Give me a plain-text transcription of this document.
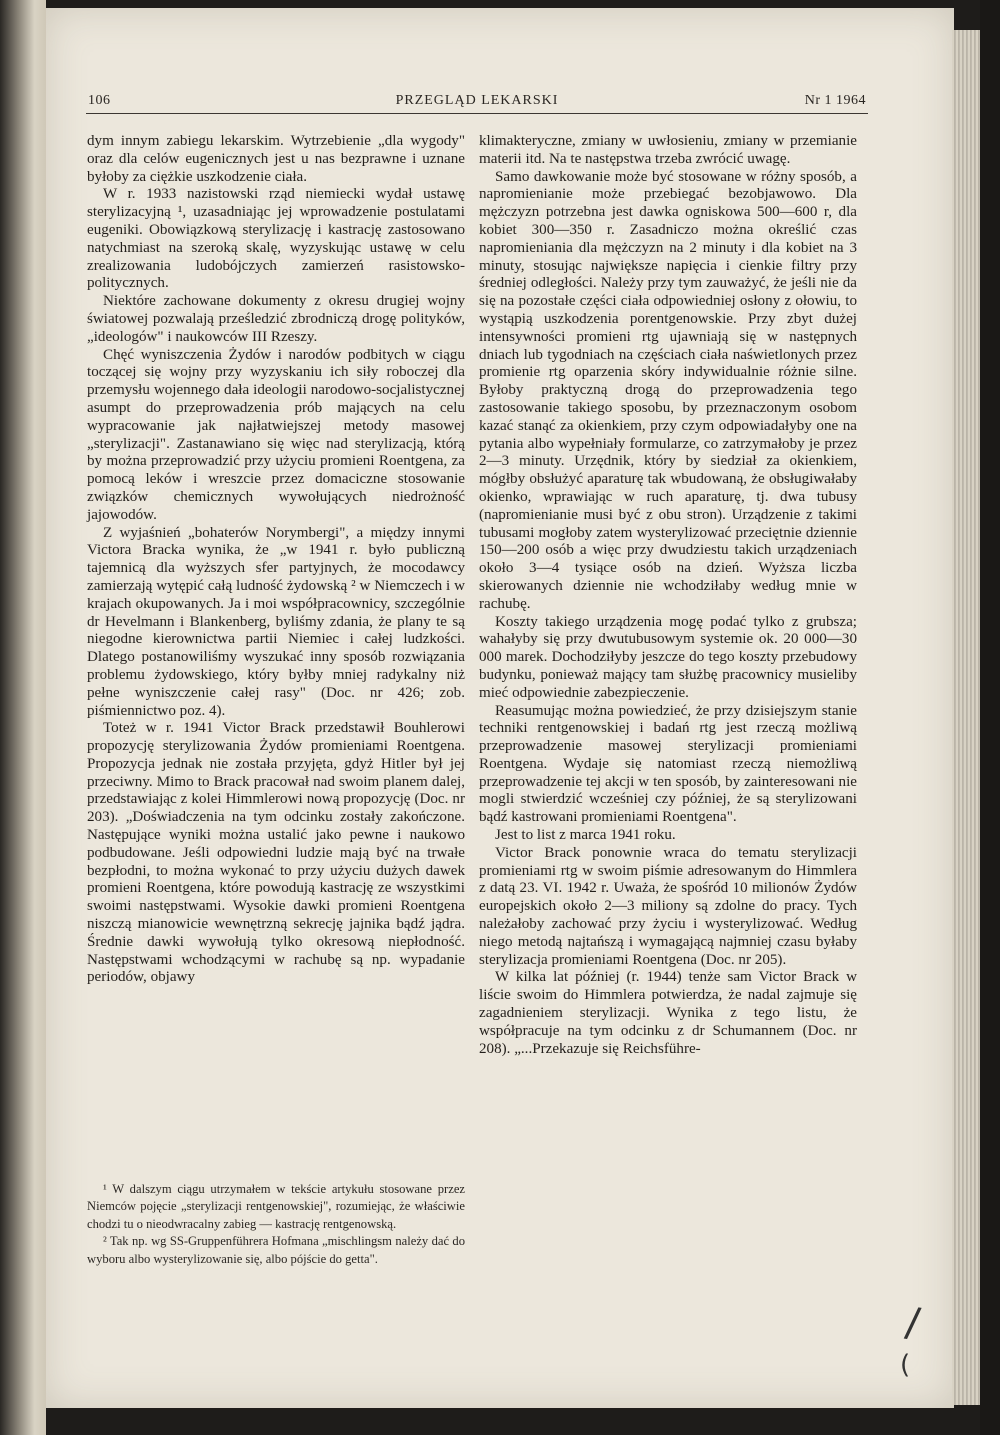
106	PRZEGLĄD LEKARSKI	Nr 1 1964

dym innym zabiegu lekarskim. Wytrzebienie „dla wygody" oraz dla celów eugenicznych jest u nas bezprawne i uznane byłoby za ciężkie uszkodzenie ciała.

W r. 1933 nazistowski rząd niemiecki wydał ustawę sterylizacyjną ¹, uzasadniając jej wprowadzenie postulatami eugeniki. Obowiązkową sterylizację i kastrację zastosowano natychmiast na szeroką skalę, wyzyskując ustawę w celu zrealizowania ludobójczych zamierzeń rasistowsko-politycznych.

Niektóre zachowane dokumenty z okresu drugiej wojny światowej pozwalają prześledzić zbrodniczą drogę polityków, „ideologów" i naukowców III Rzeszy.

Chęć wyniszczenia Żydów i narodów podbitych w ciągu toczącej się wojny przy wyzyskaniu ich siły roboczej dla przemysłu wojennego dała ideologii narodowo-socjalistycznej asumpt do przeprowadzenia prób mających na celu wypracowanie jak najłatwiejszej metody masowej „sterylizacji". Zastanawiano się więc nad sterylizacją, którą by można przeprowadzić przy użyciu promieni Roentgena, za pomocą leków i wreszcie przez domaciczne stosowanie związków chemicznych wywołujących niedrożność jajowodów.

Z wyjaśnień „bohaterów Norymbergi", a między innymi Victora Bracka wynika, że „w 1941 r. było publiczną tajemnicą dla wyższych sfer partyjnych, że mocodawcy zamierzają wytępić całą ludność żydowską ² w Niemczech i w krajach okupowanych. Ja i moi współpracownicy, szczególnie dr Hevelmann i Blankenberg, byliśmy zdania, że plany te są niegodne kierownictwa partii Niemiec i całej ludzkości. Dlatego postanowiliśmy wyszukać inny sposób rozwiązania problemu żydowskiego, który byłby mniej radykalny niż pełne wyniszczenie całej rasy" (Doc. nr 426; zob. piśmiennictwo poz. 4).

Toteż w r. 1941 Victor Brack przedstawił Bouhlerowi propozycję sterylizowania Żydów promieniami Roentgena. Propozycja jednak nie została przyjęta, gdyż Hitler był jej przeciwny. Mimo to Brack pracował nad swoim planem dalej, przedstawiając z kolei Himmlerowi nową propozycję (Doc. nr 203). „Doświadczenia na tym odcinku zostały zakończone. Następujące wyniki można ustalić jako pewne i naukowo podbudowane. Jeśli odpowiedni ludzie mają być na trwałe bezpłodni, to można wykonać to przy użyciu dużych dawek promieni Roentgena, które powodują kastrację ze wszystkimi swoimi następstwami. Wysokie dawki promieni Roentgena niszczą mianowicie wewnętrzną sekrecję jajnika bądź jądra. Średnie dawki wywołują tylko okresową niepłodność. Następstwami wchodzącymi w rachubę są np. wypadanie periodów, objawy

¹ W dalszym ciągu utrzymałem w tekście artykułu stosowane przez Niemców pojęcie „sterylizacji rentgenowskiej", rozumiejąc, że właściwie chodzi tu o nieodwracalny zabieg — kastrację rentgenowską.

² Tak np. wg SS-Gruppenführera Hofmana „mischlingsm należy dać do wyboru albo wysterylizowanie się, albo pójście do getta".

klimakteryczne, zmiany w uwłosieniu, zmiany w przemianie materii itd. Na te następstwa trzeba zwrócić uwagę.

Samo dawkowanie może być stosowane w różny sposób, a napromienianie może przebiegać bezobjawowo. Dla mężczyzn potrzebna jest dawka ogniskowa 500—600 r, dla kobiet 300—350 r. Zasadniczo można określić czas napromieniania dla mężczyzn na 2 minuty i dla kobiet na 3 minuty, stosując największe napięcia i cienkie filtry przy średniej odległości. Należy przy tym zauważyć, że jeśli nie da się na pozostałe części ciała odpowiedniej osłony z ołowiu, to wystąpią uszkodzenia porentgenowskie. Przy zbyt dużej intensywności promieni rtg ujawniają się w następnych dniach lub tygodniach na częściach ciała naświetlonych przez promienie rtg oparzenia skóry indywidualnie różnie silne. Byłoby praktyczną drogą do przeprowadzenia tego zastosowanie takiego sposobu, by przeznaczonym osobom kazać stanąć za okienkiem, przy czym odpowiadałyby one na pytania albo wypełniały formularze, co zatrzymałoby je przez 2—3 minuty. Urzędnik, który by siedział za okienkiem, mógłby obsłużyć aparaturę tak wbudowaną, że obsługiwałaby okienko, wprawiając w ruch aparaturę, tj. dwa tubusy (napromienianie musi być z obu stron). Urządzenie z takimi tubusami mogłoby zatem wysterylizować przeciętnie dziennie 150—200 osób a więc przy dwudziestu takich urządzeniach około 3—4 tysiące osób na dzień. Wyższa liczba skierowanych dziennie nie wchodziłaby według mnie w rachubę.

Koszty takiego urządzenia mogę podać tylko z grubsza; wahałyby się przy dwutubusowym systemie ok. 20 000—30 000 marek. Dochodziłyby jeszcze do tego koszty przebudowy budynku, ponieważ mający tam służbę pracownicy musieliby mieć odpowiednie zabezpieczenie.

Reasumując można powiedzieć, że przy dzisiejszym stanie techniki rentgenowskiej i badań rtg jest rzeczą możliwą przeprowadzenie masowej sterylizacji promieniami Roentgena. Wydaje się natomiast rzeczą niemożliwą przeprowadzenie tej akcji w ten sposób, by zainteresowani nie mogli stwierdzić wcześniej czy później, że są sterylizowani bądź kastrowani promieniami Roentgena".

Jest to list z marca 1941 roku.

Victor Brack ponownie wraca do tematu sterylizacji promieniami rtg w swoim piśmie adresowanym do Himmlera z datą 23. VI. 1942 r. Uważa, że spośród 10 milionów Żydów europejskich około 2—3 miliony są zdolne do pracy. Tych należałoby zachować przy życiu i wysterylizować. Według niego metodą najtańszą i wymagającą najmniej czasu byłaby sterylizacja promieniami Roentgena (Doc. nr 205).

W kilka lat później (r. 1944) tenże sam Victor Brack w liście swoim do Himmlera potwierdza, że nadal zajmuje się zagadnieniem sterylizacji. Wynika z tego listu, że współpracuje na tym odcinku z dr Schumannem (Doc. nr 208). „...Przekazuje się Reichsführe-

/
(
